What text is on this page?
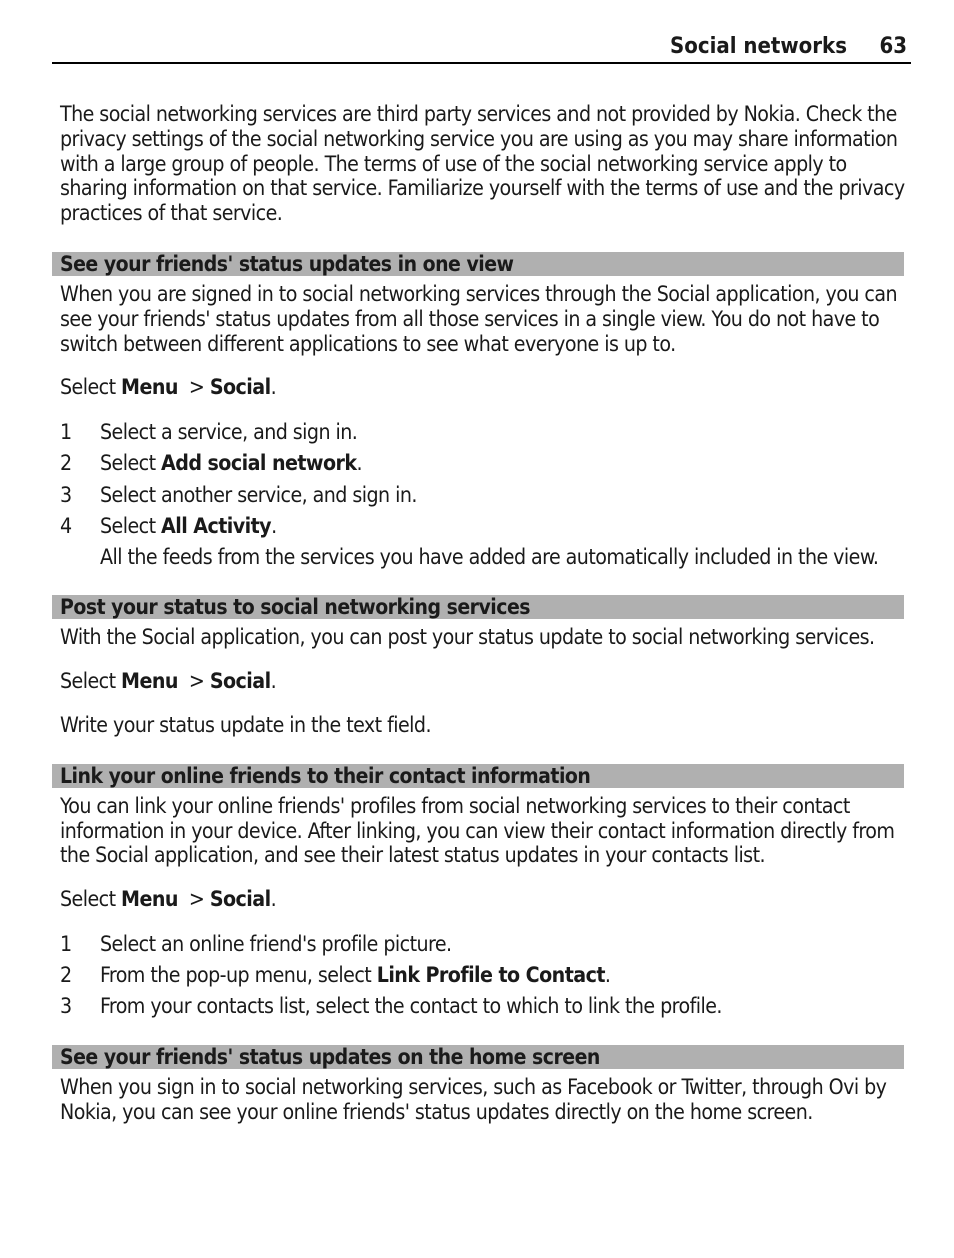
Social networks 63

The social networking services are third party services and not provided by Nokia. Check the privacy settings of the social networking service you are using as you may share information with a large group of people. The terms of use of the social networking service apply to sharing information on that service. Familiarize yourself with the terms of use and the privacy practices of that service.

See your friends' status updates in one view

When you are signed in to social networking services through the Social application, you can see your friends' status updates from all those services in a single view. You do not have to switch between different applications to see what everyone is up to.

Select Menu  > Social.

1 Select a service, and sign in.
2 Select Add social network.
3 Select another service, and sign in.
4 Select All Activity.

All the feeds from the services you have added are automatically included in the view.

Post your status to social networking services

With the Social application, you can post your status update to social networking services.

Select Menu  > Social.

Write your status update in the text field.

Link your online friends to their contact information

You can link your online friends' profiles from social networking services to their contact information in your device. After linking, you can view their contact information directly from the Social application, and see their latest status updates in your contacts list.

Select Menu  > Social.

1 Select an online friend's profile picture.
2 From the pop-up menu, select Link Profile to Contact.
3 From your contacts list, select the contact to which to link the profile.
See your friends' status updates on the home screen

When you sign in to social networking services, such as Facebook or Twitter, through Ovi by Nokia, you can see your online friends' status updates directly on the home screen.
